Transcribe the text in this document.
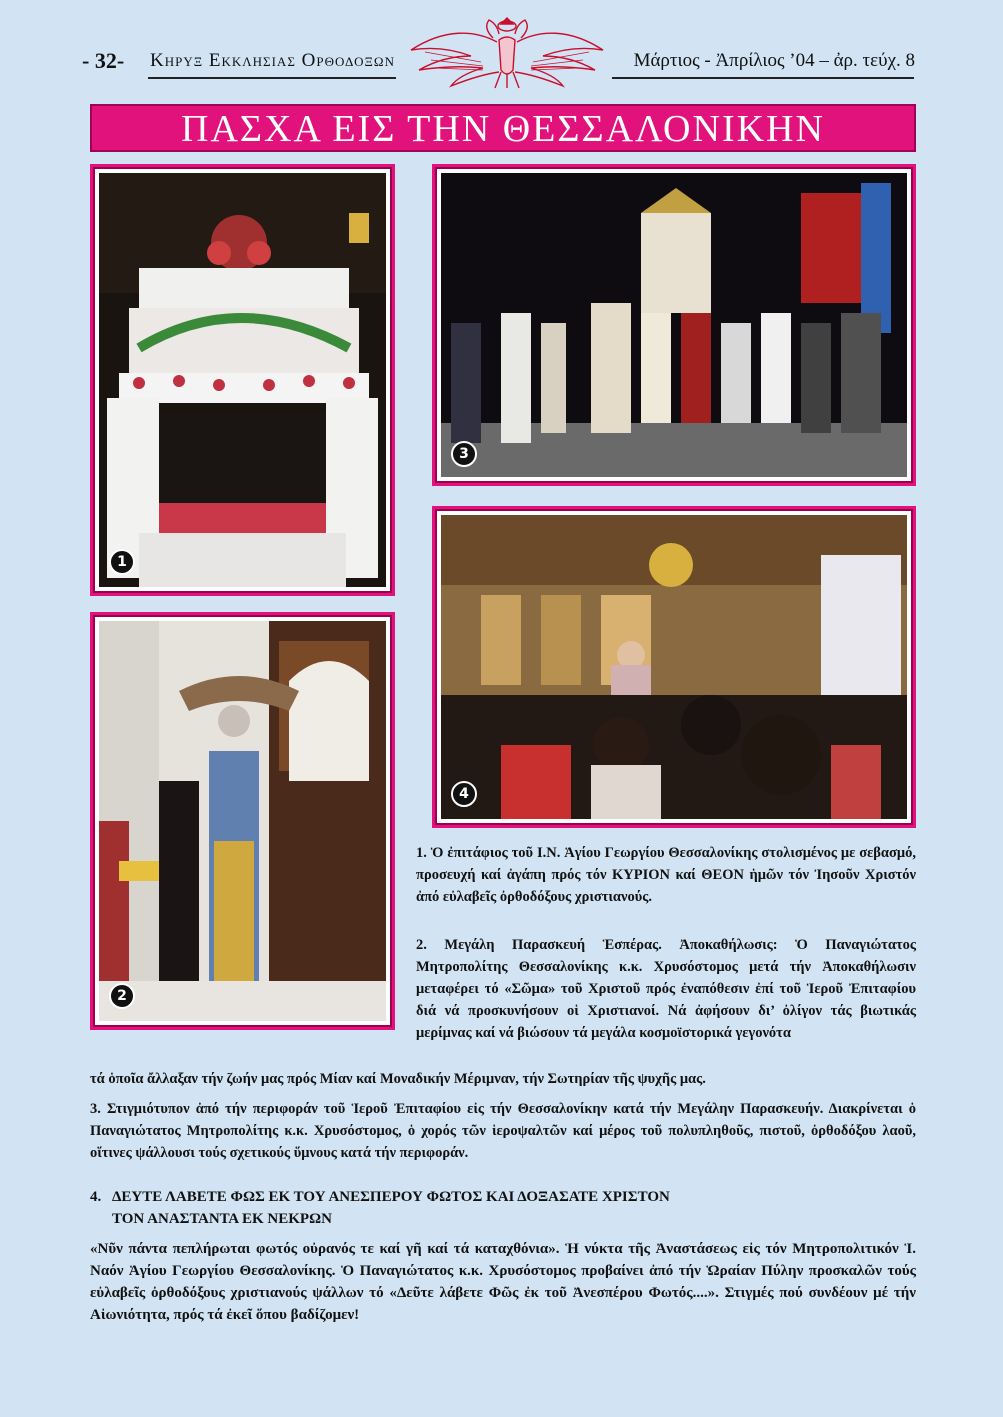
- 32- Κηρυξ Εκκλησιας Ορθοδοξων	Μάρτιος - Ἀπρίλιος ’04 – ἀρ. τεύχ. 8
ΠΑΣΧΑ ΕΙΣ ΤΗΝ ΘΕΣΣΑΛΟΝΙΚΗΝ
1
3
4
2
1. Ὁ ἐπιτάφιος τοῦ Ι.Ν. Ἁγίου Γεωργίου Θεσσαλονίκης στολισμένος με σεβασμό, προσευχή καί ἀγάπη πρός τόν ΚΥΡΙΟΝ καί ΘΕΟΝ ἡμῶν τόν Ἰησοῦν Χριστόν ἀπό εὐλαβεῖς ὀρθοδόξους χριστιανούς.
2. Μεγάλη Παρασκευή Ἑσπέρας. Ἀποκαθήλωσις: Ὁ Παναγιώτατος Μητροπολίτης Θεσσαλονίκης κ.κ. Χρυσόστομος μετά τήν Ἀποκαθήλωσιν μεταφέρει τό «Σῶμα» τοῦ Χριστοῦ πρός ἐναπόθεσιν ἐπί τοῦ Ἱεροῦ Ἐπιταφίου διά νά προσκυνήσουν οἱ Χριστιανοί. Νά ἀφήσουν δι’ ὀλίγον τάς βιωτικάς μερίμνας καί νά βιώσουν τά μεγάλα κοσμοϊστορικά γεγονότα
τά ὁποῖα ἄλλαξαν τήν ζωήν μας πρός Μίαν καί Μοναδικήν Μέριμναν, τήν Σωτηρίαν τῆς ψυχῆς μας.
3. Στιγμιότυπον ἀπό τήν περιφοράν τοῦ Ἱεροῦ Ἐπιταφίου εἰς τήν Θεσσαλονίκην κατά τήν Μεγάλην Παρασκευήν. Διακρίνεται ὁ Παναγιώτατος Μητροπολίτης κ.κ. Χρυσόστομος, ὁ χορός τῶν ἱεροψαλτῶν καί μέρος τοῦ πολυπληθοῦς, πιστοῦ, ὀρθοδόξου λαοῦ, οἵτινες ψάλλουσι τούς σχετικούς ὕμνους κατά τήν περιφοράν.
4. ΔΕΥΤΕ ΛΑΒΕΤΕ ΦΩΣ ΕΚ ΤΟΥ ΑΝΕΣΠΕΡΟΥ ΦΩΤΟΣ ΚΑΙ ΔΟΞΑΣΑΤΕ ΧΡΙΣΤΟΝ
ΤΟΝ ΑΝΑΣΤΑΝΤΑ ΕΚ ΝΕΚΡΩΝ
«Νῦν πάντα πεπλήρωται φωτός οὐρανός τε καί γῆ καί τά καταχθόνια». Ἡ νύκτα τῆς Ἀναστάσεως εἰς τόν Μητροπολιτικόν Ἱ. Ναόν Ἁγίου Γεωργίου Θεσσαλονίκης. Ὁ Παναγιώτατος κ.κ. Χρυσόστομος προβαίνει ἀπό τήν Ὡραίαν Πύλην προσκαλῶν τούς εὐλαβεῖς ὀρθοδόξους χριστιανούς ψάλλων τό «Δεῦτε λάβετε Φῶς ἐκ τοῦ Ἀνεσπέρου Φωτός....». Στιγμές πού συνδέουν μέ τήν Αἰωνιότητα, πρός τά ἐκεῖ ὅπου βαδίζομεν!
